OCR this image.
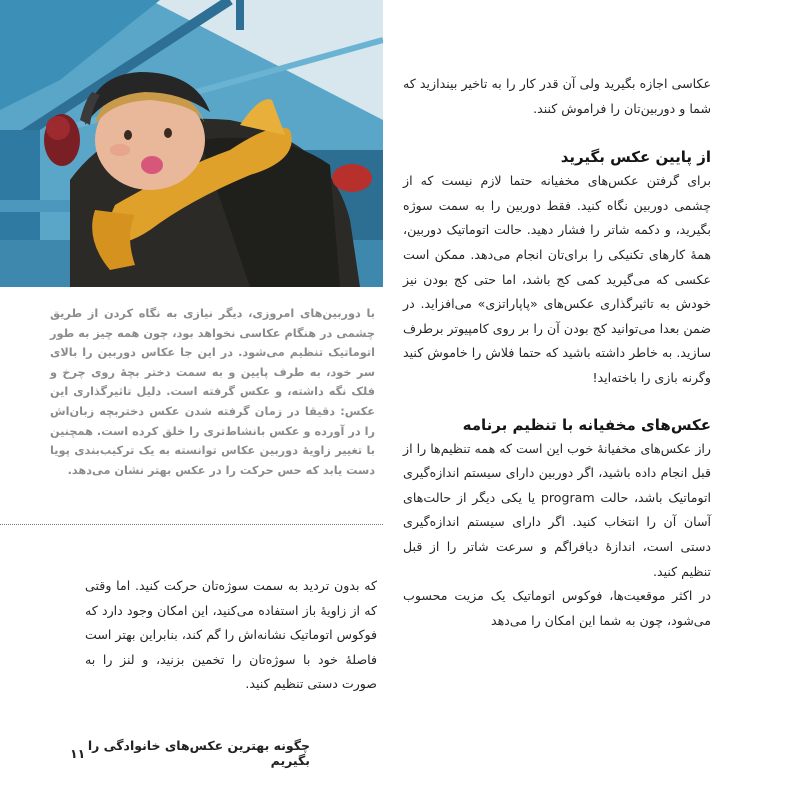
با دوربین‌های امروزی، دیگر نیازی به نگاه کردن از طریق چشمی در هنگام عکاسی نخواهد بود، چون همه چیز به طور اتوماتیک تنظیم می‌شود. در این جا عکاس دوربین را بالای سر خود، به طرف پایین و به سمت دختر بچهٔ روی چرخ و فلک نگه داشته، و عکس گرفته است. دلیل تاثیرگذاری این عکس: دقیقا در زمان گرفته شدن عکس دختربچه زبان‌اش را در آورده و عکس بانشاط‌تری را خلق کرده است. همچنین با تغییر زاویهٔ دوربین عکاس توانسته به یک ترکیب‌بندی پویا دست یابد که حس حرکت را در عکس بهتر نشان می‌دهد.

که بدون تردید به سمت سوژه‌تان حرکت کنید. اما وقتی که از زاویهٔ باز استفاده می‌کنید، این امکان وجود دارد که فوکوس اتوماتیک نشانه‌اش را گم کند، بنابراین بهتر است فاصلهٔ خود با سوژه‌تان را تخمین بزنید، و لنز را به صورت دستی تنظیم کنید.

عکاسی اجازه بگیرید ولی آن قدر کار را به تاخیر بیندازید که شما و دوربین‌تان را فراموش کنند.

از پایین عکس بگیرید

برای گرفتن عکس‌های مخفیانه حتما لازم نیست که از چشمی دوربین نگاه کنید. فقط دوربین را به سمت سوژه بگیرید، و دکمه شاتر را فشار دهید. حالت اتوماتیک دوربین، همهٔ کارهای تکنیکی را برای‌تان انجام می‌دهد. ممکن است عکسی که می‌گیرید کمی کج باشد، اما حتی کج بودن نیز خودش به تاثیرگذاری عکس‌های «پاپاراتزی» می‌افزاید. در ضمن بعدا می‌توانید کج بودن آن را بر روی کامپیوتر برطرف سازید. به خاطر داشته باشید که حتما فلاش را خاموش کنید وگرنه بازی را باخته‌اید!

عکس‌های مخفیانه با تنظیم برنامه

راز عکس‌های مخفیانهٔ خوب این است که همه تنظیم‌ها را از قبل انجام داده باشید، اگر دوربین دارای سیستم اندازه‌گیری اتوماتیک باشد، حالت program یا یکی دیگر از حالت‌های آسان آن را انتخاب کنید. اگر دارای سیستم اندازه‌گیری دستی است، اندازهٔ دیافراگم و سرعت شاتر را از قبل تنظیم کنید.

در اکثر موقعیت‌ها، فوکوس اتوماتیک یک مزیت محسوب می‌شود، چون به شما این امکان را می‌دهد

چگونه بهترین عکس‌های خانوادگی را بگیریم
۱۱
